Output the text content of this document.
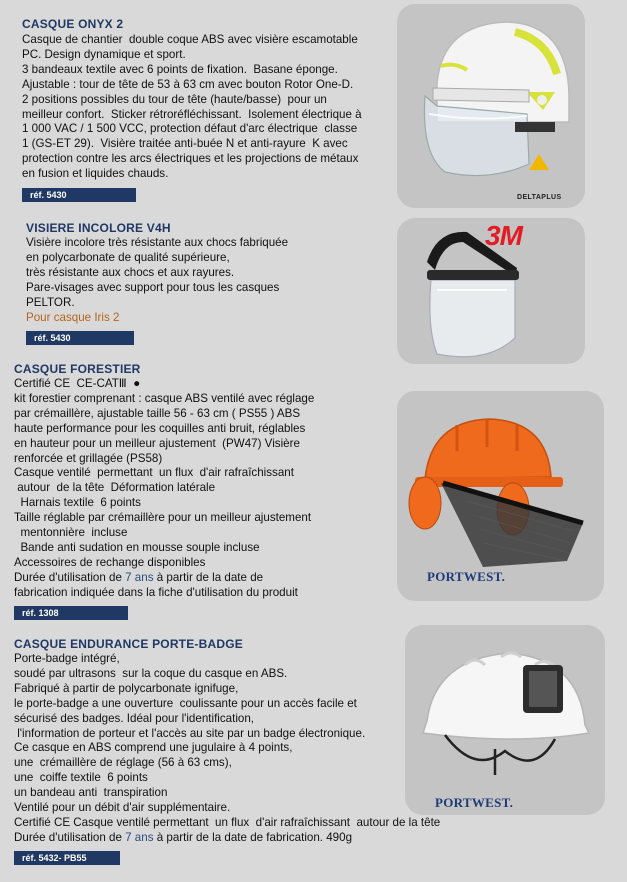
CASQUE ONYX 2
Casque de chantier  double coque ABS avec visière escamotable
PC. Design dynamique et sport.
3 bandeaux textile avec 6 points de fixation.  Basane éponge.
Ajustable : tour de tête de 53 à 63 cm avec bouton Rotor One-D.
2 positions possibles du tour de tête (haute/basse)  pour un
meilleur confort.  Sticker rétroréfléchissant.  Isolement électrique à
1 000 VAC / 1 500 VCC, protection défaut d'arc électrique  classe
1 (GS-ET 29).  Visière traitée anti-buée N et anti-rayure  K avec
protection contre les arcs électriques et les projections de métaux
en fusion et liquides chauds.
réf. 5430	DELTAPLUS
VISIERE INCOLORE V4H
Visière incolore très résistante aux chocs fabriquée
en polycarbonate de qualité supérieure,
très résistante aux chocs et aux rayures.
Pare-visages avec support pour tous les casques
PELTOR.
Pour casque Iris 2
réf. 5430
3M
CASQUE FORESTIER
Certifié CE  CE-CATⅢ  ●
kit forestier comprenant : casque ABS ventilé avec réglage
par crémaillère, ajustable taille 56 - 63 cm ( PS55 ) ABS
haute performance pour les coquilles anti bruit, réglables
en hauteur pour un meilleur ajustement  (PW47) Visière
renforcée et grillagée (PS58)
Casque ventilé  permettant  un flux  d'air rafraîchissant
autour  de la tête  Déformation latérale
Harnais textile  6 points
Taille réglable par crémaillère pour un meilleur ajustement
mentonnière  incluse
Bande anti sudation en mousse souple incluse
Accessoires de rechange disponibles
Durée d'utilisation de 7 ans à partir de la date de
fabrication indiquée dans la fiche d'utilisation du produit
réf. 1308
PORTWEST.
CASQUE ENDURANCE PORTE-BADGE
Porte-badge intégré,
soudé par ultrasons  sur la coque du casque en ABS.
Fabriqué à partir de polycarbonate ignifuge,
le porte-badge a une ouverture  coulissante pour un accès facile et
sécurisé des badges. Idéal pour l'identification,
l'information de porteur et l'accès au site par un badge électronique.
Ce casque en ABS comprend une jugulaire à 4 points,
une  crémaillère de réglage (56 à 63 cms),
une  coiffe textile  6 points
un bandeau anti  transpiration
Ventilé pour un débit d'air supplémentaire.
Certifié CE Casque ventilé permettant  un flux  d'air rafraîchissant  autour de la tête
Durée d'utilisation de 7 ans à partir de la date de fabrication. 490g
réf. 5432- PB55
PORTWEST.
